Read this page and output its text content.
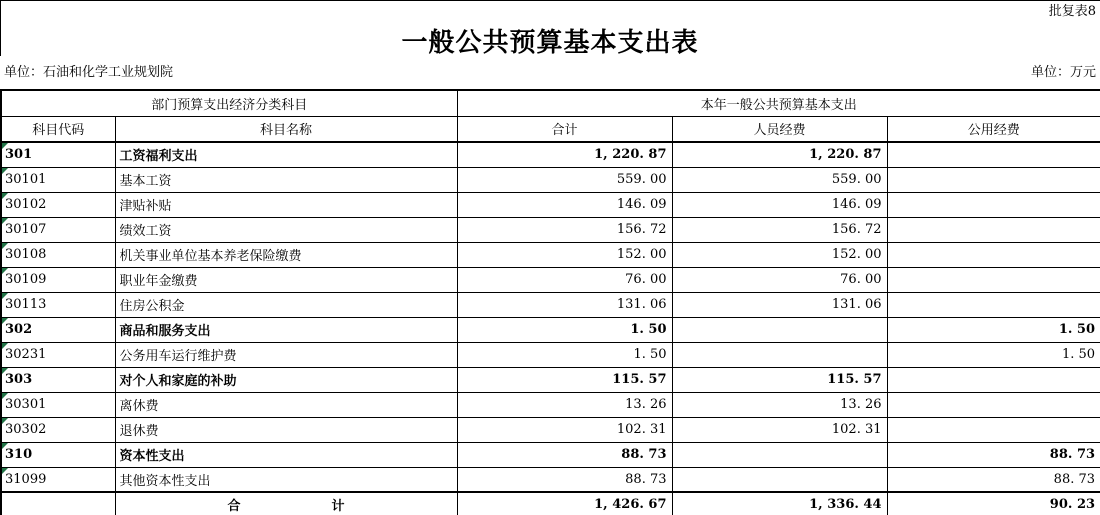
批复表8
一般公共预算基本支出表
单位：石油和化学工业规划院	单位：万元
部门预算支出经济分类科目		本年一般公共预算基本支出		
科目代码	科目名称	合计	人员经费	公用经费

301	工资福利支出	1, 220. 87	1, 220. 87	

30101	基本工资	559. 00	559. 00	

30102	津贴补贴	146. 09	146. 09	

30107	绩效工资	156. 72	156. 72	

30108	机关事业单位基本养老保险缴费	152. 00	152. 00	

30109	职业年金缴费	76. 00	76. 00	

30113	住房公积金	131. 06	131. 06	

302	商品和服务支出	1. 50		1. 50

30231	公务用车运行维护费	1. 50		1. 50

303	对个人和家庭的补助	115. 57	115. 57	

30301	离休费	13. 26	13. 26	

30302	退休费	102. 31	102. 31	

310	资本性支出	88. 73		88. 73

31099	其他资本性支出	88. 73		88. 73
	合　　　　　　　计	1, 426. 67	1, 336. 44	90. 23
